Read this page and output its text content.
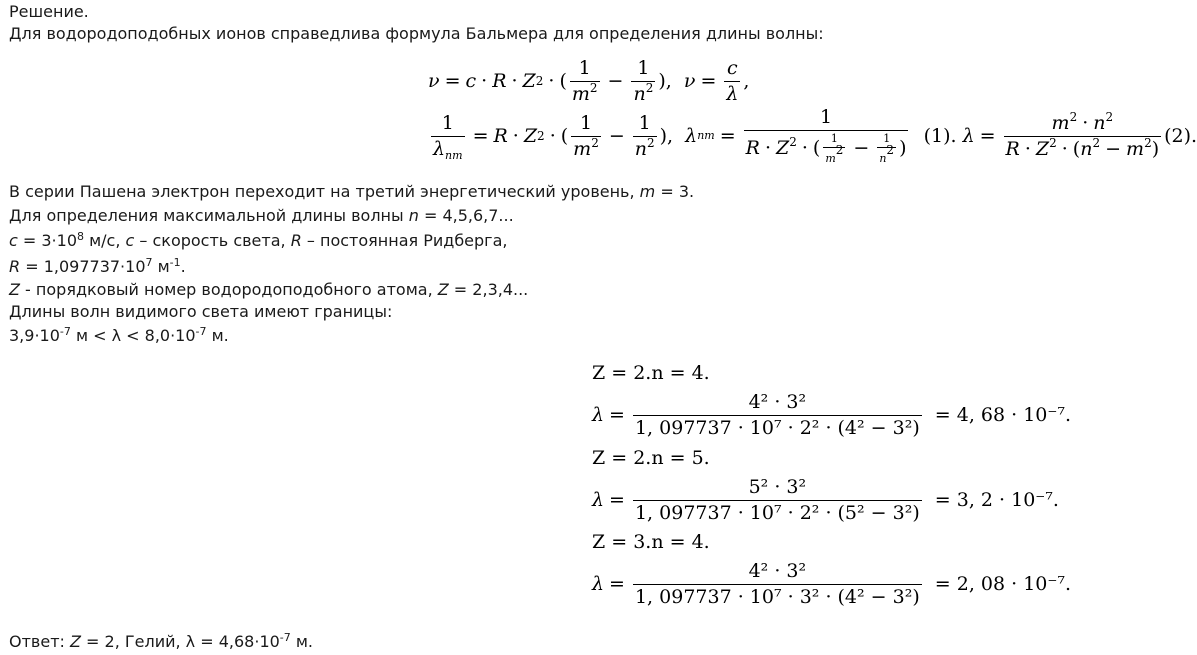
Решение.
Для водородоподобных ионов справедлива формула Бальмера для определения длины волны:
ν = c · R · Z 2 · ( $\frac{1}{m^2} - \frac{1}{n^2}$ ), $\nu = \frac{c}{\lambda}$ ,
$\frac{1}{\lambda_{nm}} = R \cdot Z$ 2 · ( $\frac{1}{m^2} - \frac{1}{n^2}$ ), λ nm = $\frac{1}{R \cdot Z^2 \cdot ( \frac{1}{m^2} - \frac{1}{n^2} )}$
(1).
$\lambda = \frac{m^2 \cdot n^2}{R \cdot Z^2 \cdot (n^2 - m^2)} (2)$.
В серии Пашена электрон переходит на третий энергетический уровень, m = 3.
Для определения максимальной длины волны n = 4,5,6,7...
$c = 3\cdot 10^8$ м/с, c – скорость света, R – постоянная Ридберга,
$R = 1,097737\cdot 10^7$ $м^{-1}$.
Z - порядковый номер водородоподобного атома, Z = 2,3,4...
Длины волн видимого света имеют границы:
$3,9\cdot 10^{-7}$ $м < \lambda < 8,0\cdot 10^{-7}$ м.
Z = 2.n = 4.
$\lambda = \frac{\text{4² · 3²}}{\text{1, 097737 · 10⁷ · 2² · (4² − 3²)}} = 4$, 68 · 10⁻⁷.
Z = 2.n = 5.
$\lambda = \frac{\text{5² · 3²}}{\text{1, 097737 · 10⁷ · 2² · (5² − 3²)}} = 3$, 2 · 10⁻⁷.
Z = 3.n = 4.
$\lambda = \frac{\text{4² · 3²}}{\text{1, 097737 · 10⁷ · 3² · (4² − 3²)}} = 2$, 08 · 10⁻⁷.
Ответ: Z = 2, Гелий, $\lambda = 4,68\cdot 10^{-7}$ м.
